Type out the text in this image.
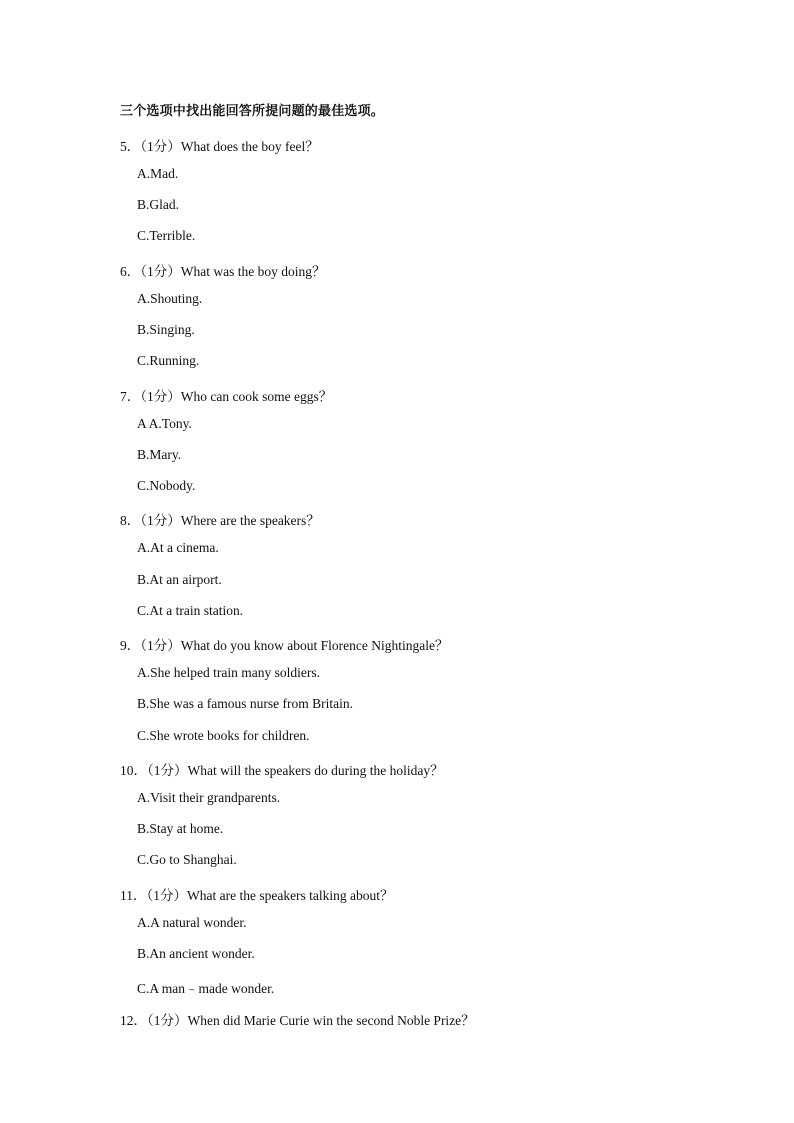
三个选项中找出能回答所提问题的最佳选项。
5．（1分）What does the boy feel？
A.Mad.
B.Glad.
C.Terrible.
6．（1分）What was the boy doing？
A.Shouting.
B.Singing.
C.Running.
7．（1分）Who can cook some eggs？
A A.Tony.
B.Mary.
C.Nobody.
8．（1分）Where are the speakers？
A.At a cinema.
B.At an airport.
C.At a train station.
9．（1分）What do you know about Florence Nightingale？
A.She helped train many soldiers.
B.She was a famous nurse from Britain.
C.She wrote books for children.
10．（1分）What will the speakers do during the holiday？
A.Visit their grandparents.
B.Stay at home.
C.Go to Shanghai.
11．（1分）What are the speakers talking about？
A.A natural wonder.
B.An ancient wonder.
C.A man﹣made wonder.
12．（1分）When did Marie Curie win the second Noble Prize？
